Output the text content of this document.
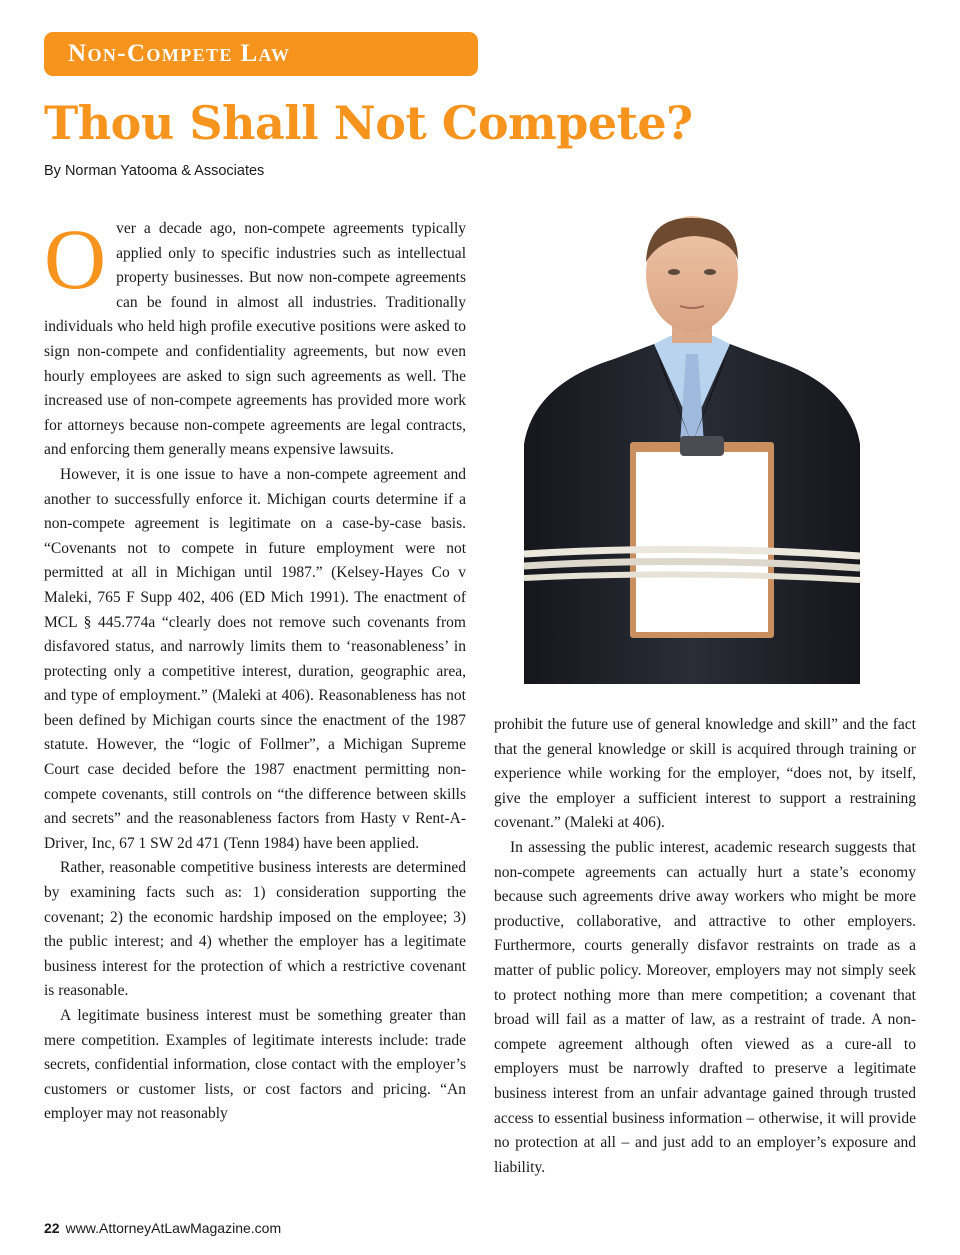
Non-Compete Law
Thou Shall Not Compete?
By Norman Yatooma & Associates

Over a decade ago, non-compete agreements typically applied only to specific industries such as intellectual property businesses. But now non-compete agreements can be found in almost all industries. Traditionally individuals who held high profile executive positions were asked to sign non-compete and confidentiality agreements, but now even hourly employees are asked to sign such agreements as well. The increased use of non-compete agreements has provided more work for attorneys because non-compete agreements are legal contracts, and enforcing them generally means expensive lawsuits.

However, it is one issue to have a non-compete agreement and another to successfully enforce it. Michigan courts determine if a non-compete agreement is legitimate on a case-by-case basis. “Covenants not to compete in future employment were not permitted at all in Michigan until 1987.” (Kelsey-Hayes Co v Maleki, 765 F Supp 402, 406 (ED Mich 1991). The enactment of MCL § 445.774a “clearly does not remove such covenants from disfavored status, and narrowly limits them to ‘reasonableness’ in protecting only a competitive interest, duration, geographic area, and type of employment.” (Maleki at 406). Reasonableness has not been defined by Michigan courts since the enactment of the 1987 statute. However, the “logic of Follmer”, a Michigan Supreme Court case decided before the 1987 enactment permitting non-compete covenants, still controls on “the difference between skills and secrets” and the reasonableness factors from Hasty v Rent-A-Driver, Inc, 67 1 SW 2d 471 (Tenn 1984) have been applied.

Rather, reasonable competitive business interests are determined by examining facts such as: 1) consideration supporting the covenant; 2) the economic hardship imposed on the employee; 3) the public interest; and 4) whether the employer has a legitimate business interest for the protection of which a restrictive covenant is reasonable.

A legitimate business interest must be something greater than mere competition. Examples of legitimate interests include: trade secrets, confidential information, close contact with the employer’s customers or customer lists, or cost factors and pricing. “An employer may not reasonably

prohibit the future use of general knowledge and skill” and the fact that the general knowledge or skill is acquired through training or experience while working for the employer, “does not, by itself, give the employer a sufficient interest to support a restraining covenant.” (Maleki at 406).

In assessing the public interest, academic research suggests that non-compete agreements can actually hurt a state’s economy because such agreements drive away workers who might be more productive, collaborative, and attractive to other employers. Furthermore, courts generally disfavor restraints on trade as a matter of public policy. Moreover, employers may not simply seek to protect nothing more than mere competition; a covenant that broad will fail as a matter of law, as a restraint of trade. A non-compete agreement although often viewed as a cure-all to employers must be narrowly drafted to preserve a legitimate business interest from an unfair advantage gained through trusted access to essential business information – otherwise, it will provide no protection at all – and just add to an employer’s exposure and liability.

22 www.AttorneyAtLawMagazine.com
